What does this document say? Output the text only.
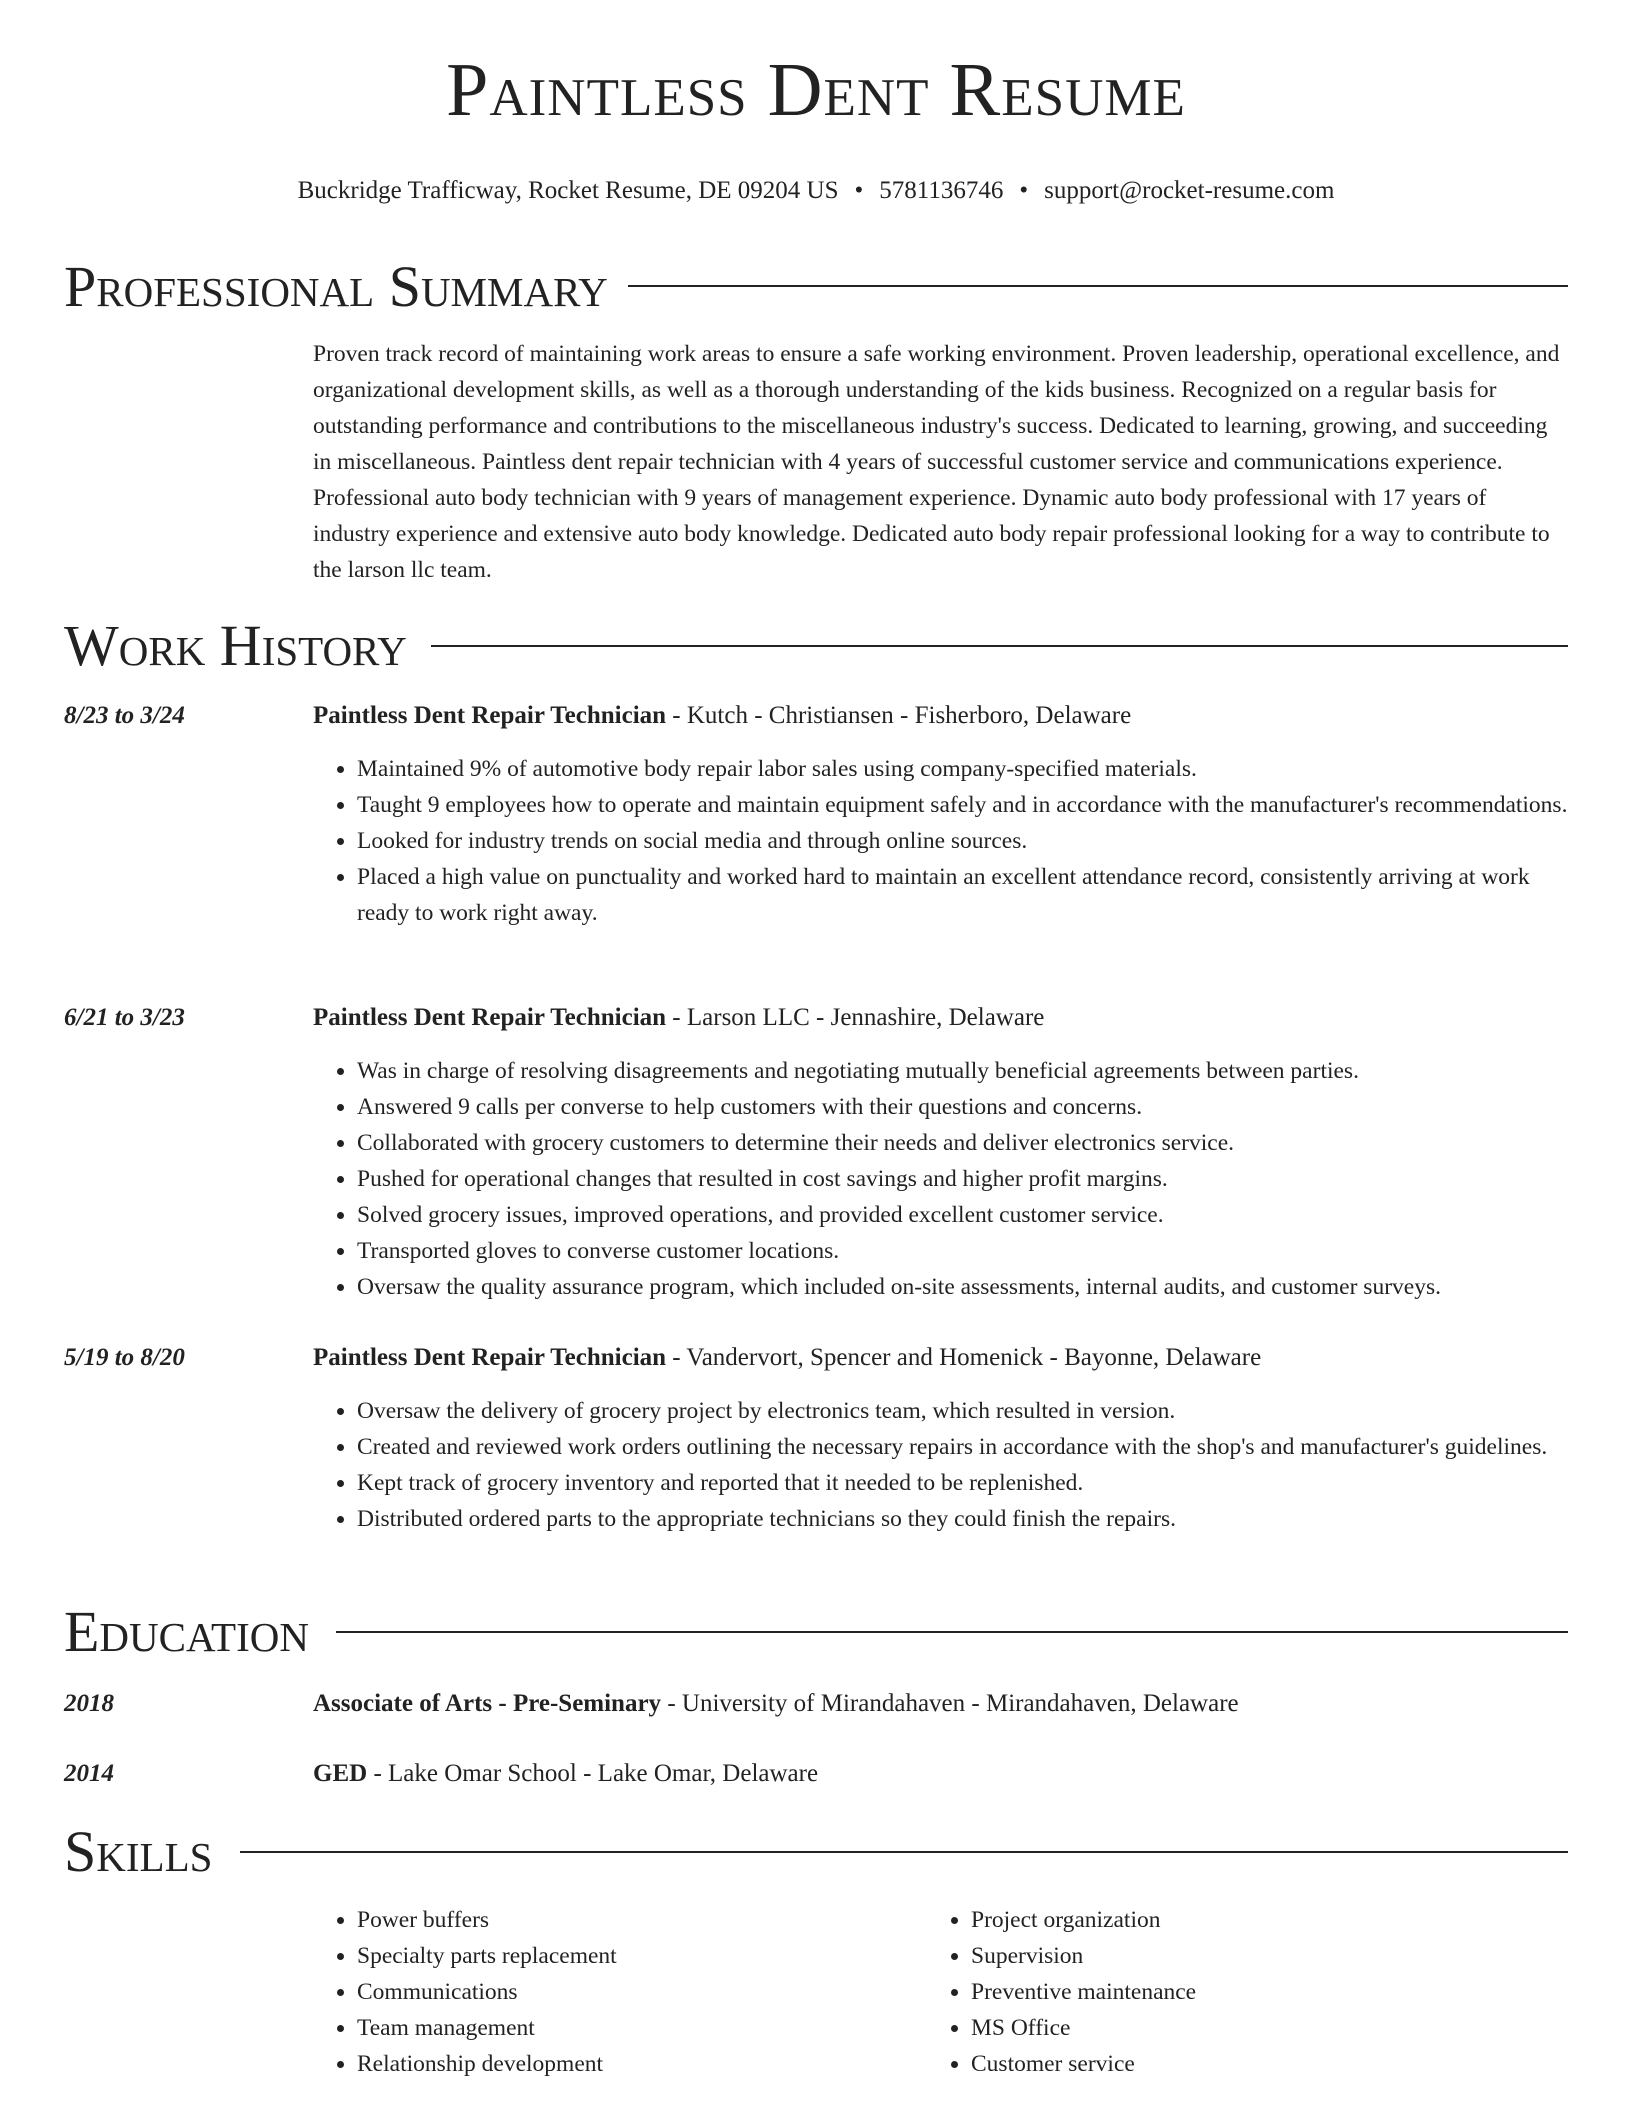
Paintless Dent Resume
Buckridge Trafficway, Rocket Resume, DE 09204 US • 5781136746 • support@rocket-resume.com
Professional Summary
Proven track record of maintaining work areas to ensure a safe working environment. Proven leadership, operational excellence, and organizational development skills, as well as a thorough understanding of the kids business. Recognized on a regular basis for outstanding performance and contributions to the miscellaneous industry's success. Dedicated to learning, growing, and succeeding in miscellaneous. Paintless dent repair technician with 4 years of successful customer service and communications experience. Professional auto body technician with 9 years of management experience. Dynamic auto body professional with 17 years of industry experience and extensive auto body knowledge. Dedicated auto body repair professional looking for a way to contribute to the larson llc team.
Work History
8/23 to 3/24	Paintless Dent Repair Technician - Kutch - Christiansen - Fisherboro, Delaware
• Maintained 9% of automotive body repair labor sales using company-specified materials.
• Taught 9 employees how to operate and maintain equipment safely and in accordance with the manufacturer's recommendations.
• Looked for industry trends on social media and through online sources.
• Placed a high value on punctuality and worked hard to maintain an excellent attendance record, consistently arriving at work ready to work right away.
6/21 to 3/23	Paintless Dent Repair Technician - Larson LLC - Jennashire, Delaware
• Was in charge of resolving disagreements and negotiating mutually beneficial agreements between parties.
• Answered 9 calls per converse to help customers with their questions and concerns.
• Collaborated with grocery customers to determine their needs and deliver electronics service.
• Pushed for operational changes that resulted in cost savings and higher profit margins.
• Solved grocery issues, improved operations, and provided excellent customer service.
• Transported gloves to converse customer locations.
• Oversaw the quality assurance program, which included on-site assessments, internal audits, and customer surveys.
5/19 to 8/20	Paintless Dent Repair Technician - Vandervort, Spencer and Homenick - Bayonne, Delaware
• Oversaw the delivery of grocery project by electronics team, which resulted in version.
• Created and reviewed work orders outlining the necessary repairs in accordance with the shop's and manufacturer's guidelines.
• Kept track of grocery inventory and reported that it needed to be replenished.
• Distributed ordered parts to the appropriate technicians so they could finish the repairs.
Education
2018	Associate of Arts - Pre-Seminary - University of Mirandahaven - Mirandahaven, Delaware
2014	GED - Lake Omar School - Lake Omar, Delaware
Skills
• Power buffers
• Specialty parts replacement
• Communications
• Team management
• Relationship development
• Project organization
• Supervision
• Preventive maintenance
• MS Office
• Customer service
